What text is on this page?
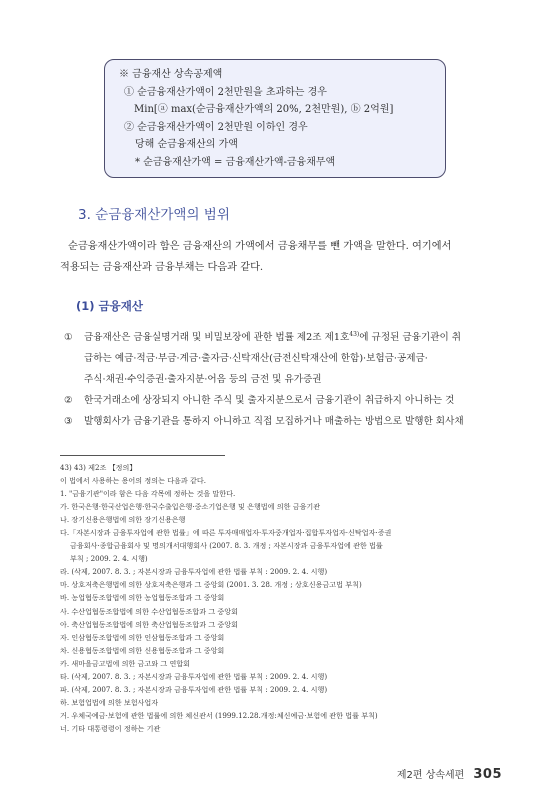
※ 금융재산 상속공제액
① 순금융재산가액이 2천만원을 초과하는 경우
Min[ⓐ max(순금융재산가액의 20%, 2천만원), ⓑ 2억원]
② 순금융재산가액이 2천만원 이하인 경우
당해 순금융재산의 가액
* 순금융재산가액 = 금융재산가액-금융채무액
3. 순금융재산가액의 범위
순금융재산가액이라 함은 금융재산의 가액에서 금융채무를 뺀 가액을 말한다. 여기에서
적용되는 금융재산과 금융부채는 다음과 같다.
(1) 금융재산
① 금융재산은 금융실명거래 및 비밀보장에 관한 법률 제2조 제1호$^{43)}$에 규정된 금융기관이 취
급하는 예금·적금·부금·계금·출자금·신탁재산(금전신탁재산에 한함)·보험금·공제금·
주식·채권·수익증권·출자지분·어음 등의 금전 및 유가증권
② 한국거래소에 상장되지 아니한 주식 및 출자지분으로서 금융기관이 취급하지 아니하는 것
③ 발행회사가 금융기관을 통하지 아니하고 직접 모집하거나 매출하는 방법으로 발행한 회사채
43) 43) 제2조 【정의】
이 법에서 사용하는 용어의 정의는 다음과 같다.
1. "금융기관"이라 함은 다음 각목에 정하는 것을 말한다.
가. 한국은행·한국산업은행·한국수출입은행·중소기업은행 및 은행법에 의한 금융기관
나. 장기신용은행법에 의한 장기신용은행
다.「자본시장과 금융투자업에 관한 법률」에 따른 투자매매업자·투자중개업자·집합투자업자·신탁업자·증권
금융회사·종합금융회사 및 명의개서대행회사 (2007. 8. 3. 개정 ; 자본시장과 금융투자업에 관한 법률
부칙 ; 2009. 2. 4. 시행)
라. (삭제, 2007. 8. 3. ; 자본시장과 금융투자업에 관한 법률 부칙 : 2009. 2. 4. 시행)
마. 상호저축은행법에 의한 상호저축은행과 그 중앙회 (2001. 3. 28. 개정 ; 상호신용금고법 부칙)
바. 농업협동조합법에 의한 농업협동조합과 그 중앙회
사. 수산업협동조합법에 의한 수산업협동조합과 그 중앙회
아. 축산업협동조합법에 의한 축산업협동조합과 그 중앙회
자. 인삼협동조합법에 의한 인삼협동조합과 그 중앙회
차. 신용협동조합법에 의한 신용협동조합과 그 중앙회
카. 새마을금고법에 의한 금고와 그 연합회
타. (삭제, 2007. 8. 3. ; 자본시장과 금융투자업에 관한 법률 부칙 : 2009. 2. 4. 시행)
파. (삭제, 2007. 8. 3. ; 자본시장과 금융투자업에 관한 법률 부칙 : 2009. 2. 4. 시행)
하. 보험업법에 의한 보험사업자
거. 우체국예금·보험에 관한 법률에 의한 체신관서 (1999.12.28.개정:체신예금·보험에 관한 법률 부칙)
너. 기타 대통령령이 정하는 기관
제2편 상속세편 305
